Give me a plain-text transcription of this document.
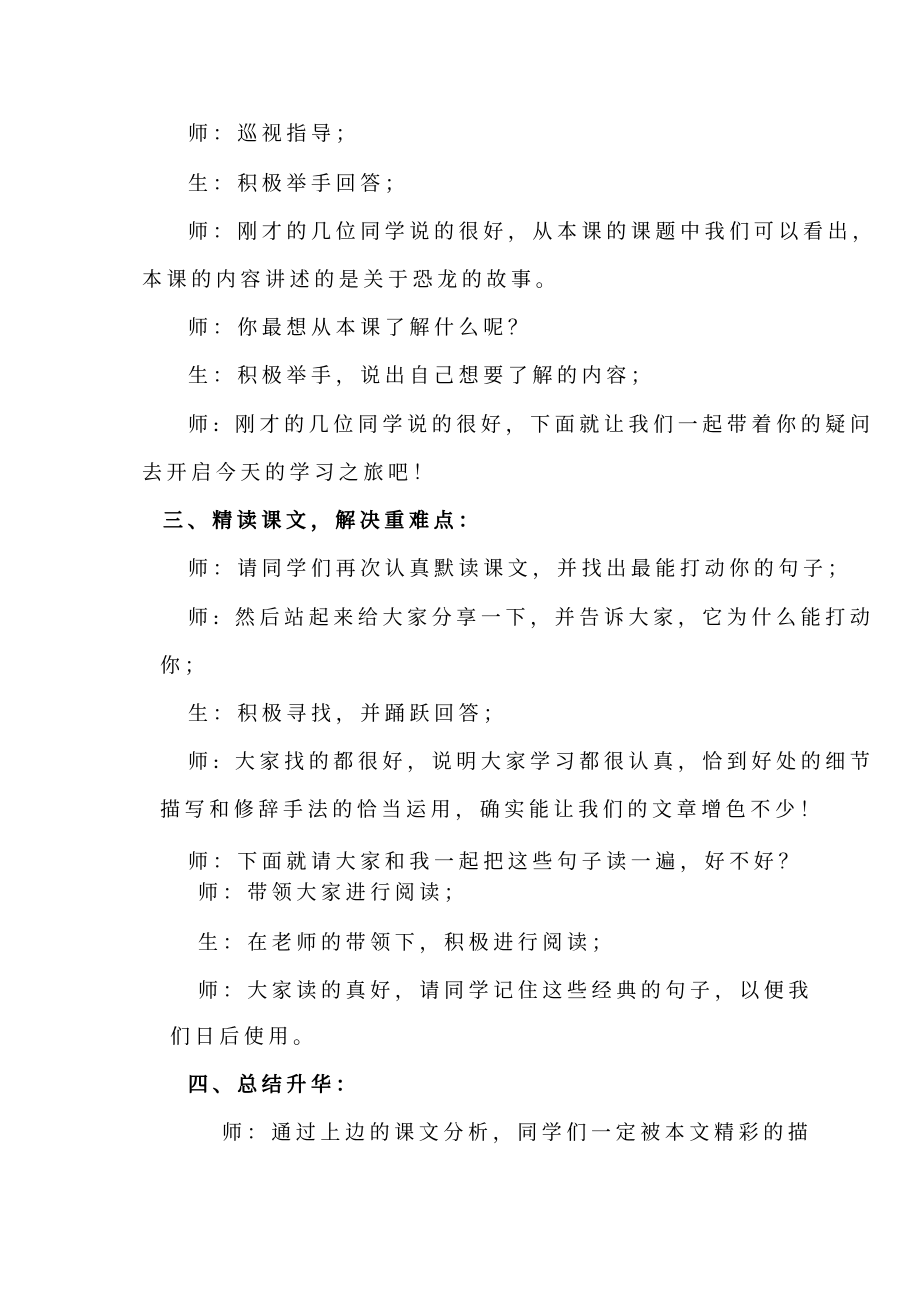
师：巡视指导；
生：积极举手回答；
师：刚才的几位同学说的很好，从本课的课题中我们可以看出，
本课的内容讲述的是关于恐龙的故事。
师：你最想从本课了解什么呢？
生：积极举手，说出自己想要了解的内容；
师: 刚才的几位同学说的很好，下面就让我们一起带着你的疑问
去开启今天的学习之旅吧！
三、精读课文，解决重难点：
师：请同学们再次认真默读课文，并找出最能打动你的句子；
师: 然后站起来给大家分享一下，并告诉大家，它为什么能打动
你；
生：积极寻找，并踊跃回答；
师: 大家找的都很好，说明大家学习都很认真，恰到好处的细节
描写和修辞手法的恰当运用，确实能让我们的文章增色不少！
师：下面就请大家和我一起把这些句子读一遍，好不好？
师：带领大家进行阅读；
生：在老师的带领下，积极进行阅读；
师：大家读的真好，请同学记住这些经典的句子，以便我
们日后使用。
四、总结升华：
师：通过上边的课文分析，同学们一定被本文精彩的描
